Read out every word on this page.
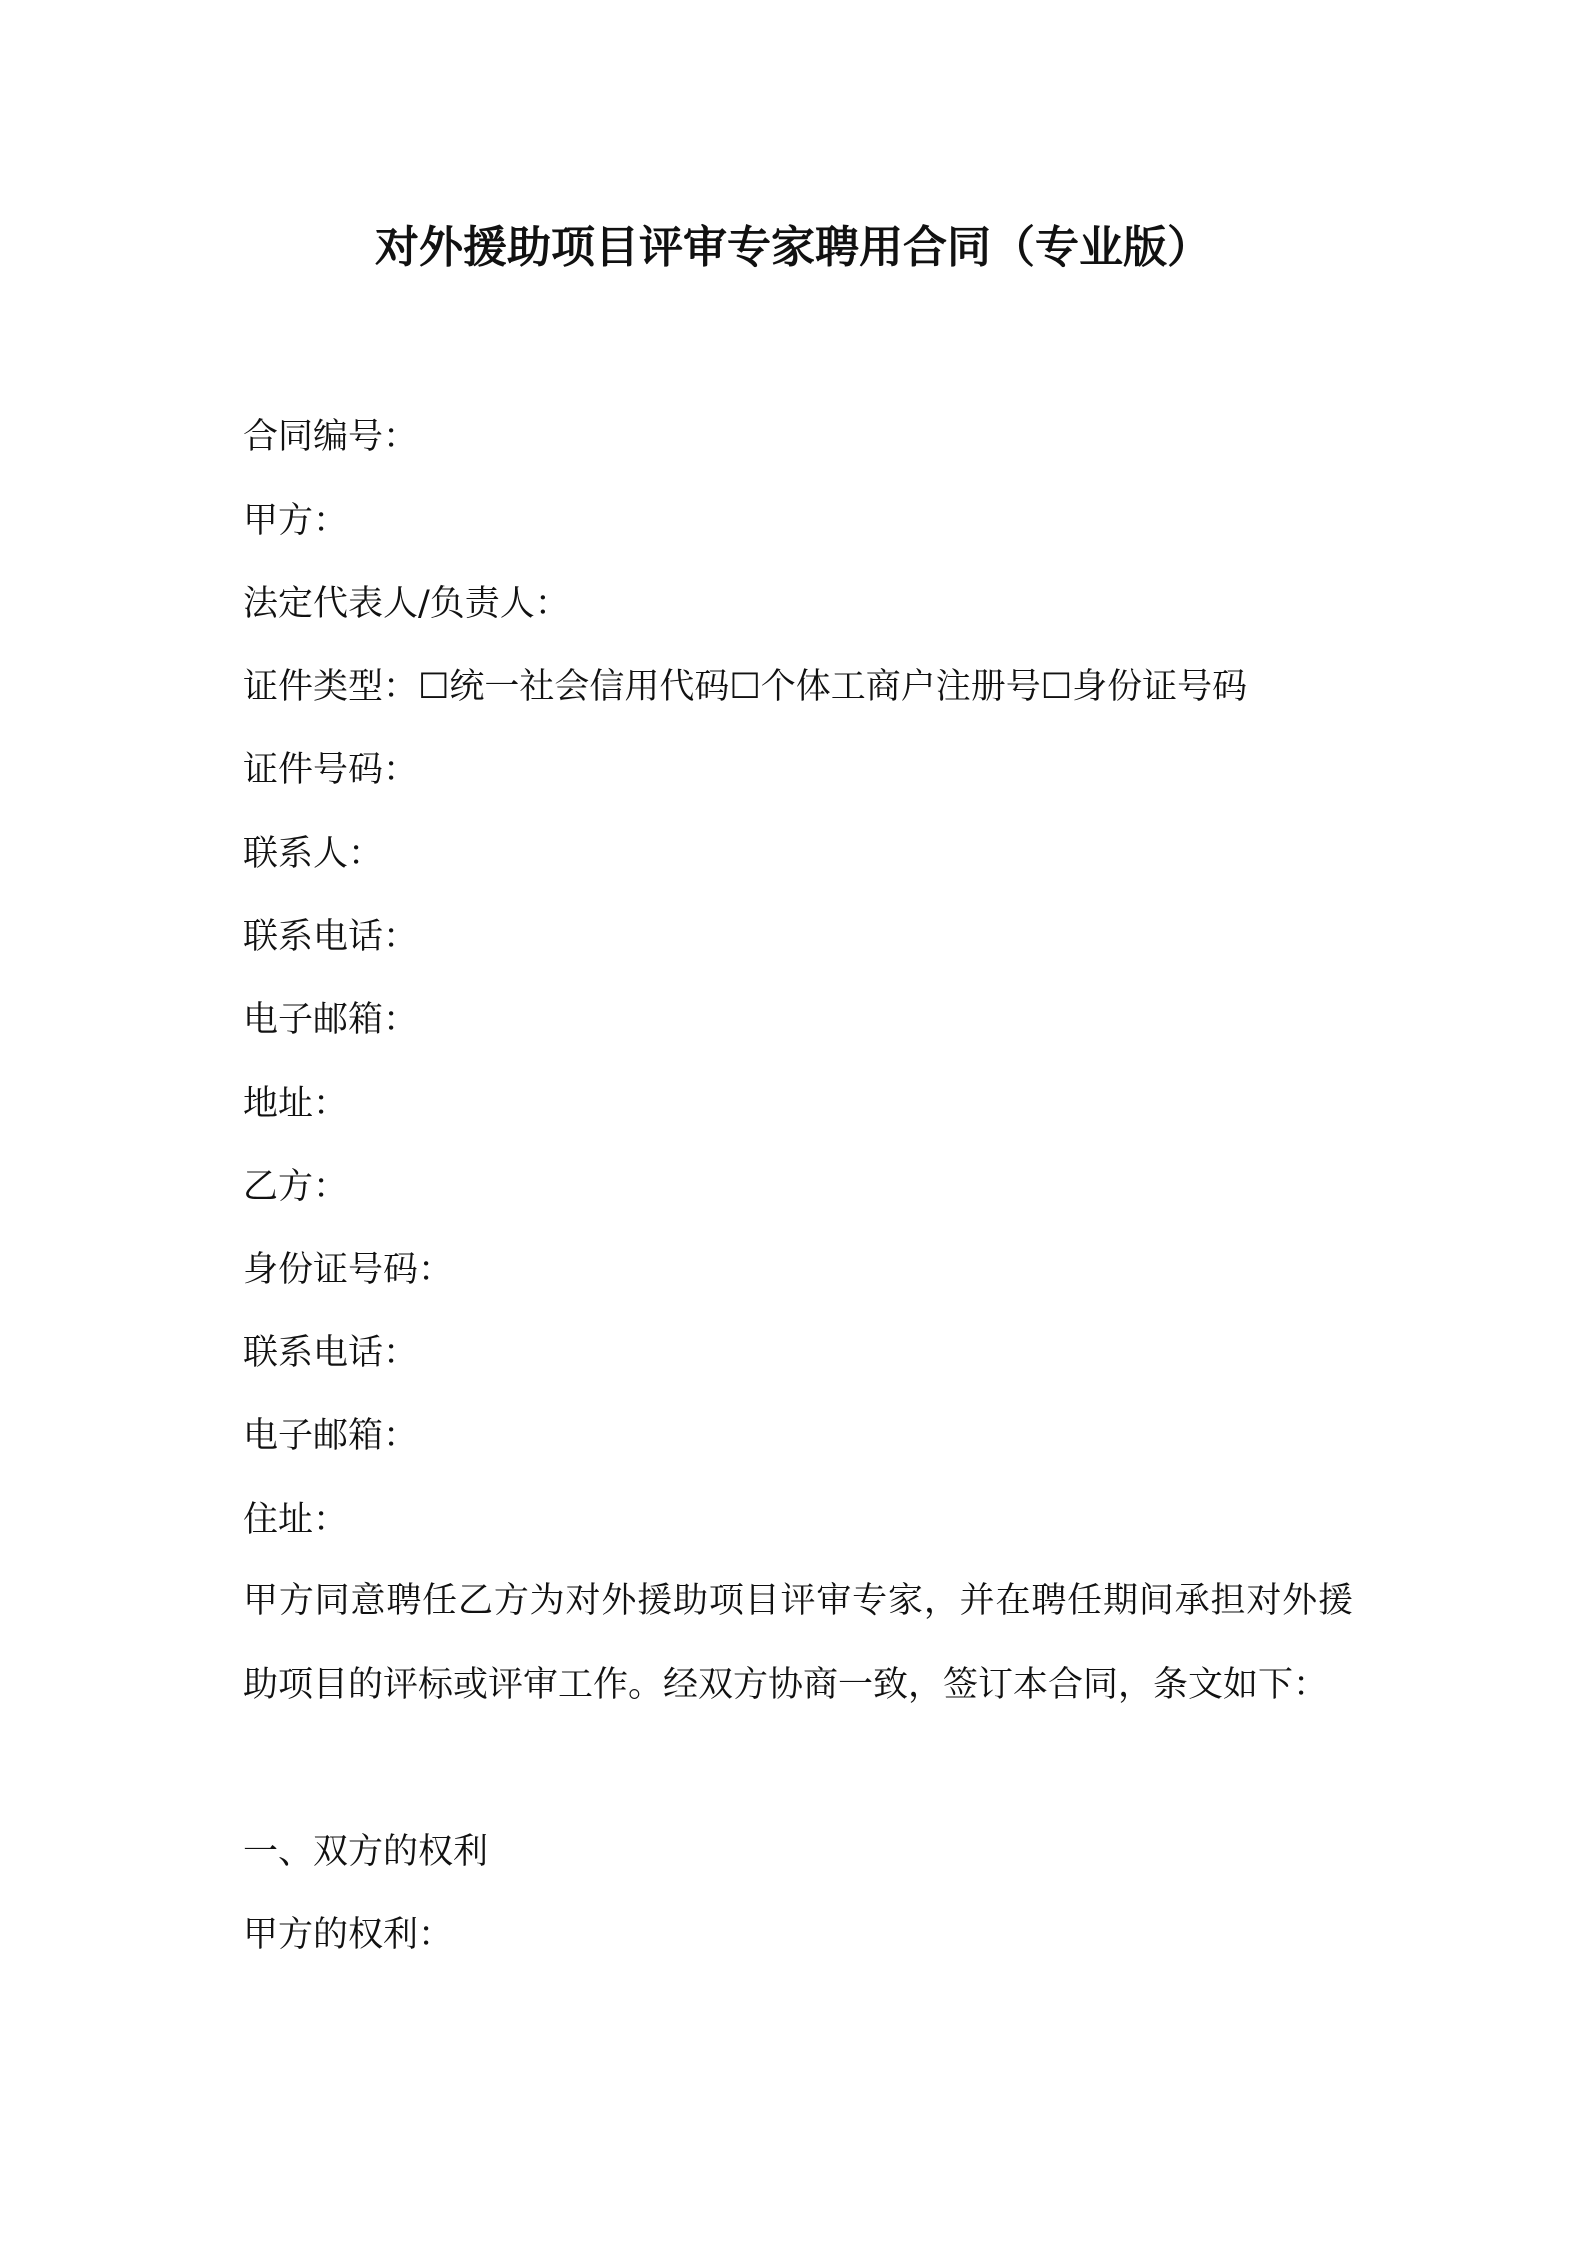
对外援助项目评审专家聘用合同（专业版）

合同编号：

甲方：

法定代表人/负责人：

证件类型：☐统一社会信用代码☐个体工商户注册号☐身份证号码

证件号码：

联系人：

联系电话：

电子邮箱：

地址：

乙方：

身份证号码：

联系电话：

电子邮箱：

住址：

甲方同意聘任乙方为对外援助项目评审专家，并在聘任期间承担对外援助项目的评标或评审工作。经双方协商一致，签订本合同，条文如下：

一、双方的权利

甲方的权利：
